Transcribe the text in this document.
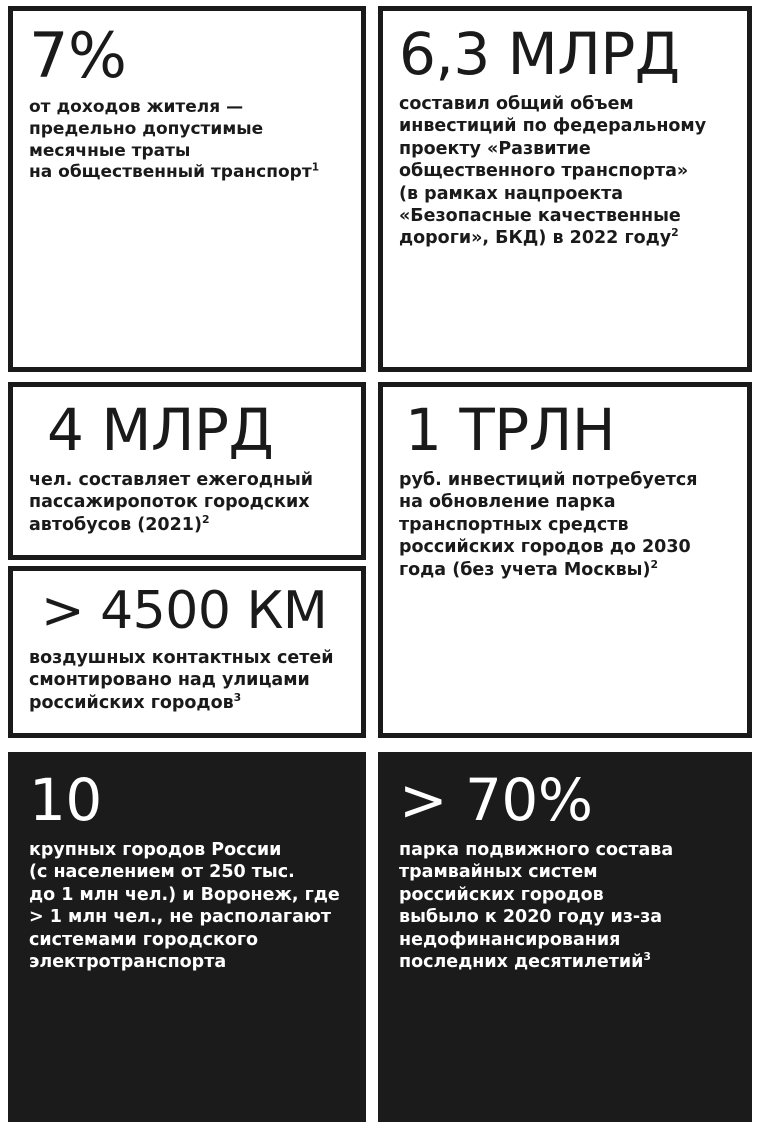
7%
от доходов жителя —
предельно допустимые
месячные траты
на общественный транспорт$^1$
6,3 МЛРД
составил общий объем
инвестиций по федеральному
проекту «Развитие
общественного транспорта»
(в рамках нацпроекта
«Безопасные качественные
дороги», БКД) в 2022 году$^2$
4 МЛРД
чел. составляет ежегодный
пассажиропоток городских
автобусов $(2021)^2$
1 ТРЛН
руб. инвестиций потребуется
на обновление парка
транспортных средств
российских городов до 2030
года (без учета Москвы)$^2$
> 4500 КМ
воздушных контактных сетей
смонтировано над улицами
российских городов$^3$
10
крупных городов России
(с населением от 250 тыс.
до 1 млн чел.) и Воронеж, где
> 1 млн чел., не располагают
системами городского
электротранспорта
> 70%
парка подвижного состава
трамвайных систем
российских городов
выбыло к 2020 году из-за
недофинансирования
последних десятилетий$^3$
